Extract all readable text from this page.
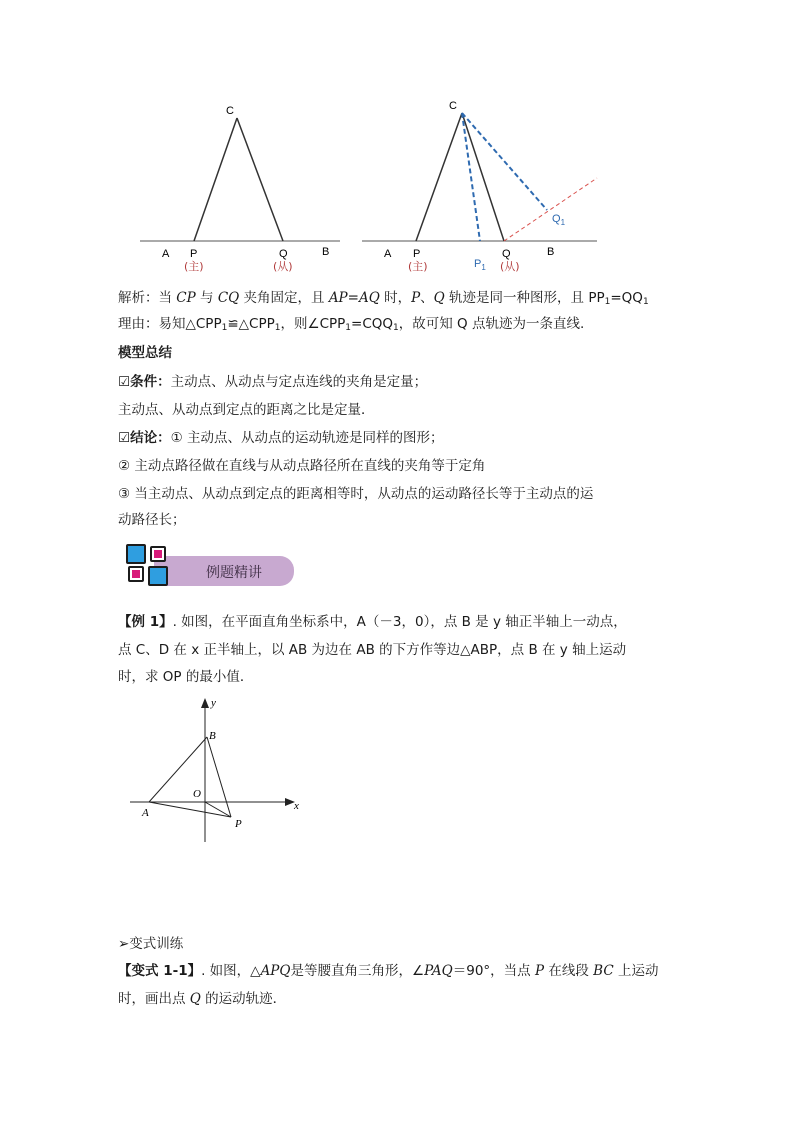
C
A P	Q	B
(主)	(从)
C
A P
$P_1$
Q	B
$Q_1$
(主)	(从)
解析：当 CP 与 CQ 夹角固定，且 AP=AQ 时，P、Q 轨迹是同一种图形，且 $PP_1=QQ_1$
理由：易知$\triangle CPP_1≌\triangle CPP_1$，则$\angle CPP_1=CQQ_1$，故可知 Q 点轨迹为一条直线.
模型总结
☑条件：主动点、从动点与定点连线的夹角是定量；
主动点、从动点到定点的距离之比是定量．
☑结论：① 主动点、从动点的运动轨迹是同样的图形；
② 主动点路径做在直线与从动点路径所在直线的夹角等于定角
③ 当主动点、从动点到定点的距离相等时，从动点的运动路径长等于主动点的运
动路径长；
例题精讲
【例 1】. 如图，在平面直角坐标系中，A（－3，0），点 B 是 y 轴正半轴上一动点，
点 C、D 在 x 正半轴上，以 AB 为边在 AB 的下方作等边△ABP，点 B 在 y 轴上运动
时，求 OP 的最小值．
y
x
B
O
A
P
➢变式训练
【变式 1-1】. 如图，△APQ是等腰直角三角形，∠PAQ＝90°，当点 P 在线段 BC 上运动
时，画出点 Q 的运动轨迹．
